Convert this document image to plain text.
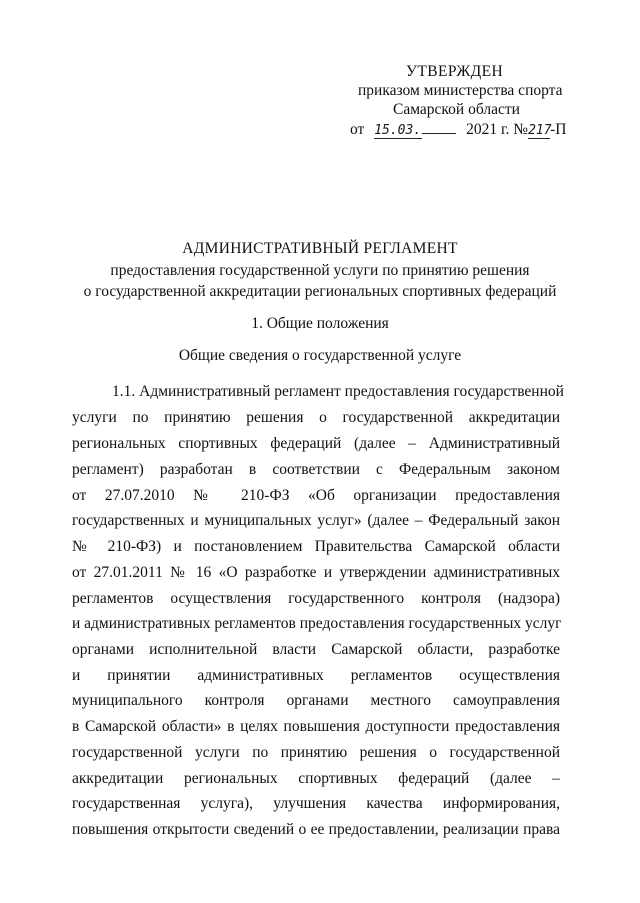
УТВЕРЖДЕН
приказом министерства спорта
Самарской области
от 15.03.	2021 г. №217-П
АДМИНИСТРАТИВНЫЙ РЕГЛАМЕНТ
предоставления государственной услуги по принятию решения
о государственной аккредитации региональных спортивных федераций
1. Общие положения
Общие сведения о государственной услуге
1.1. Административный регламент предоставления государственной
услуги по принятию решения о государственной аккредитации
региональных спортивных федераций (далее – Административный
регламент) разработан в соответствии с Федеральным законом
от 27.07.2010 № 210-ФЗ «Об организации предоставления
государственных и муниципальных услуг» (далее – Федеральный закон
№ 210-ФЗ) и постановлением Правительства Самарской области
от 27.01.2011 № 16 «О разработке и утверждении административных
регламентов осуществления государственного контроля (надзора)
и административных регламентов предоставления государственных услуг
органами исполнительной власти Самарской области, разработке
и принятии административных регламентов осуществления
муниципального контроля органами местного самоуправления
в Самарской области» в целях повышения доступности предоставления
государственной услуги по принятию решения о государственной
аккредитации региональных спортивных федераций (далее –
государственная услуга), улучшения качества информирования,
повышения открытости сведений о ее предоставлении, реализации права
